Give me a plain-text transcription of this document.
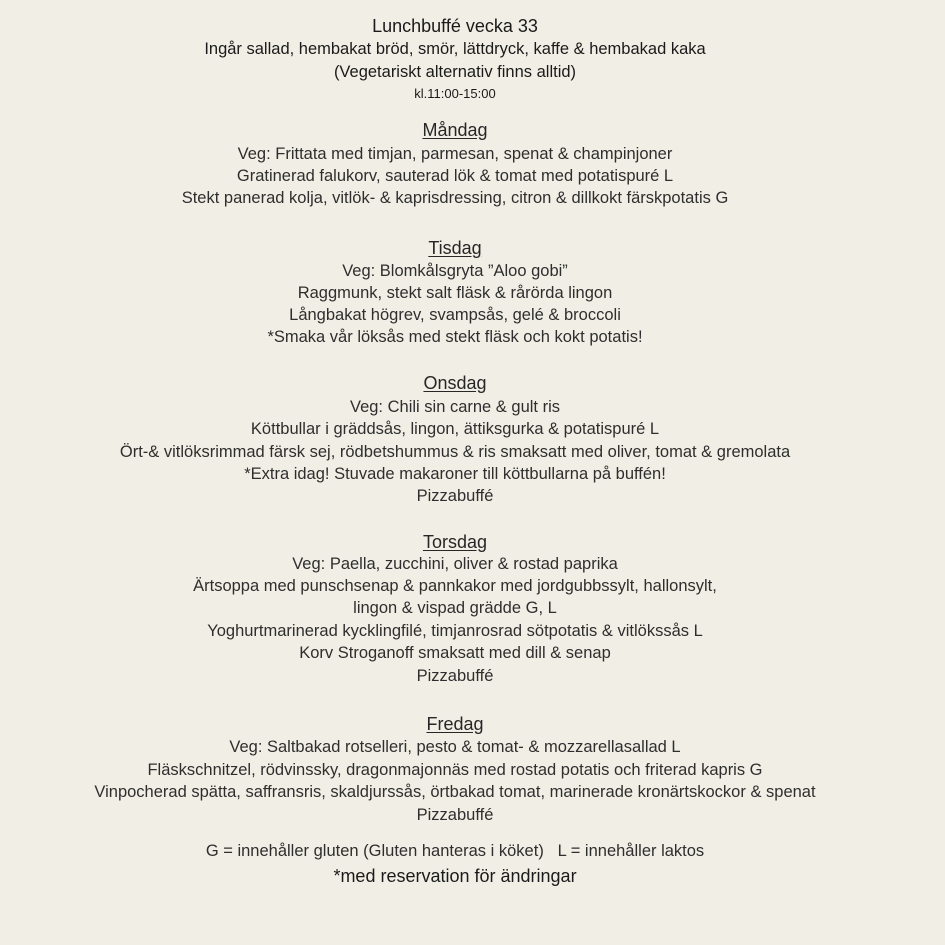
Lunchbuffé vecka 33
Ingår sallad, hembakat bröd, smör, lättdryck, kaffe & hembakad kaka
(Vegetariskt alternativ finns alltid)
kl.11:00-15:00
Måndag
Veg: Frittata med timjan, parmesan, spenat & champinjoner
Gratinerad falukorv, sauterad lök & tomat med potatispuré L
Stekt panerad kolja, vitlök- & kaprisdressing, citron & dillkokt färskpotatis G
Tisdag
Veg: Blomkålsgryta ”Aloo gobi”
Raggmunk, stekt salt fläsk & rårörda lingon
Långbakat högrev, svampsås, gelé & broccoli
*Smaka vår löksås med stekt fläsk och kokt potatis!
Onsdag
Veg: Chili sin carne & gult ris
Köttbullar i gräddsås, lingon, ättiksgurka & potatispuré L
Ört-& vitlöksrimmad färsk sej, rödbetshummus & ris smaksatt med oliver, tomat & gremolata
*Extra idag! Stuvade makaroner till köttbullarna på buffén!
Pizzabuffé
Torsdag
Veg: Paella, zucchini, oliver & rostad paprika
Ärtsoppa med punschsenap & pannkakor med jordgubbssylt, hallonsylt,
lingon & vispad grädde G, L
Yoghurtmarinerad kycklingfilé, timjanrosrad sötpotatis & vitlökssås L
Korv Stroganoff smaksatt med dill & senap
Pizzabuffé
Fredag
Veg: Saltbakad rotselleri, pesto & tomat- & mozzarellasallad L
Fläskschnitzel, rödvinssky, dragonmajonnäs med rostad potatis och friterad kapris G
Vinpocherad spätta, saffransris, skaldjurssås, örtbakad tomat, marinerade kronärtskockor & spenat
Pizzabuffé
G = innehåller gluten (Gluten hanteras i köket)   L = innehåller laktos
*med reservation för ändringar
